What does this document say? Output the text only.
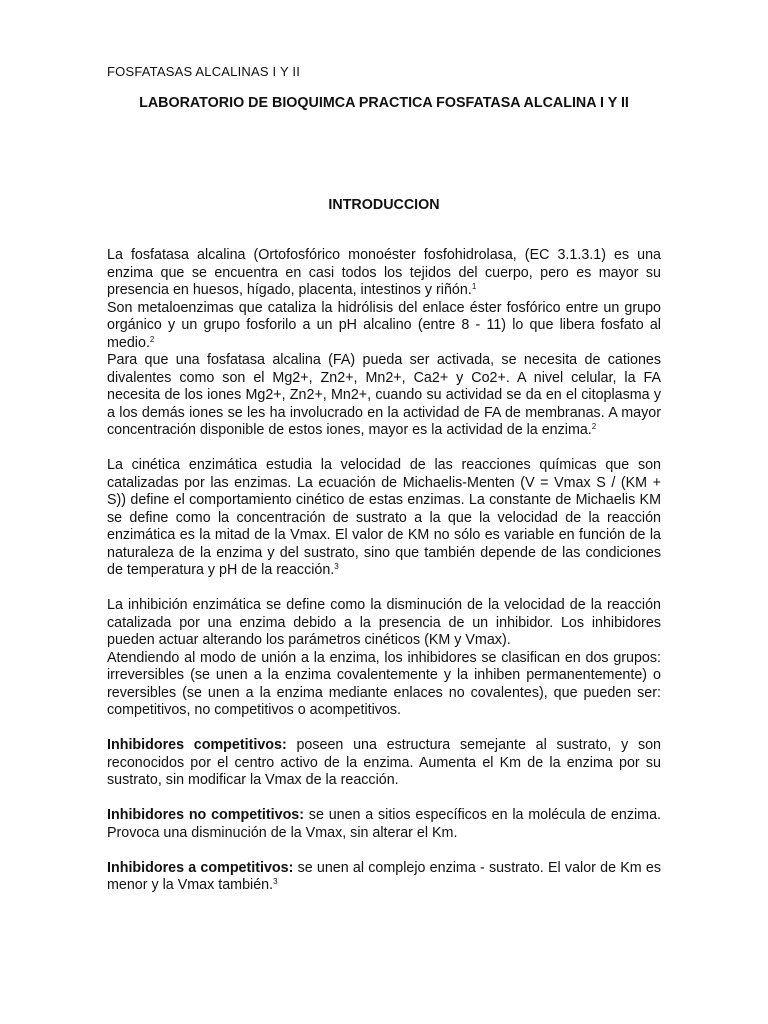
FOSFATASAS ALCALINAS I Y II
LABORATORIO DE BIOQUIMCA PRACTICA FOSFATASA ALCALINA I Y II
INTRODUCCION

La fosfatasa alcalina (Ortofosfórico monoéster fosfohidrolasa, (EC 3.1.3.1) es una enzima que se encuentra en casi todos los tejidos del cuerpo, pero es mayor su presencia en huesos, hígado, placenta, intestinos y riñón.$^1$

Son metaloenzimas que cataliza la hidrólisis del enlace éster fosfórico entre un grupo orgánico y un grupo fosforilo a un pH alcalino (entre 8 - 11) lo que libera fosfato al medio.$^2$

Para que una fosfatasa alcalina (FA) pueda ser activada, se necesita de cationes divalentes como son el Mg2+, Zn2+, Mn2+, Ca2+ y Co2+. A nivel celular, la FA necesita de los iones Mg2+, Zn2+, Mn2+, cuando su actividad se da en el citoplasma y a los demás iones se les ha involucrado en la actividad de FA de membranas. A mayor concentración disponible de estos iones, mayor es la actividad de la enzima.$^2$

La cinética enzimática estudia la velocidad de las reacciones químicas que son catalizadas por las enzimas. La ecuación de Michaelis-Menten (V = Vmax S / (KM + S)) define el comportamiento cinético de estas enzimas. La constante de Michaelis KM se define como la concentración de sustrato a la que la velocidad de la reacción enzimática es la mitad de la Vmax. El valor de KM no sólo es variable en función de la naturaleza de la enzima y del sustrato, sino que también depende de las condiciones de temperatura y pH de la reacción.$^3$

La inhibición enzimática se define como la disminución de la velocidad de la reacción catalizada por una enzima debido a la presencia de un inhibidor. Los inhibidores pueden actuar alterando los parámetros cinéticos (KM y Vmax).

Atendiendo al modo de unión a la enzima, los inhibidores se clasifican en dos grupos: irreversibles (se unen a la enzima covalentemente y la inhiben permanentemente) o reversibles (se unen a la enzima mediante enlaces no covalentes), que pueden ser: competitivos, no competitivos o acompetitivos.

Inhibidores competitivos: poseen una estructura semejante al sustrato, y son reconocidos por el centro activo de la enzima. Aumenta el Km de la enzima por su sustrato, sin modificar la Vmax de la reacción.

Inhibidores no competitivos: se unen a sitios específicos en la molécula de enzima. Provoca una disminución de la Vmax, sin alterar el Km.

Inhibidores a competitivos: se unen al complejo enzima - sustrato. El valor de Km es menor y la Vmax también.$^3$
